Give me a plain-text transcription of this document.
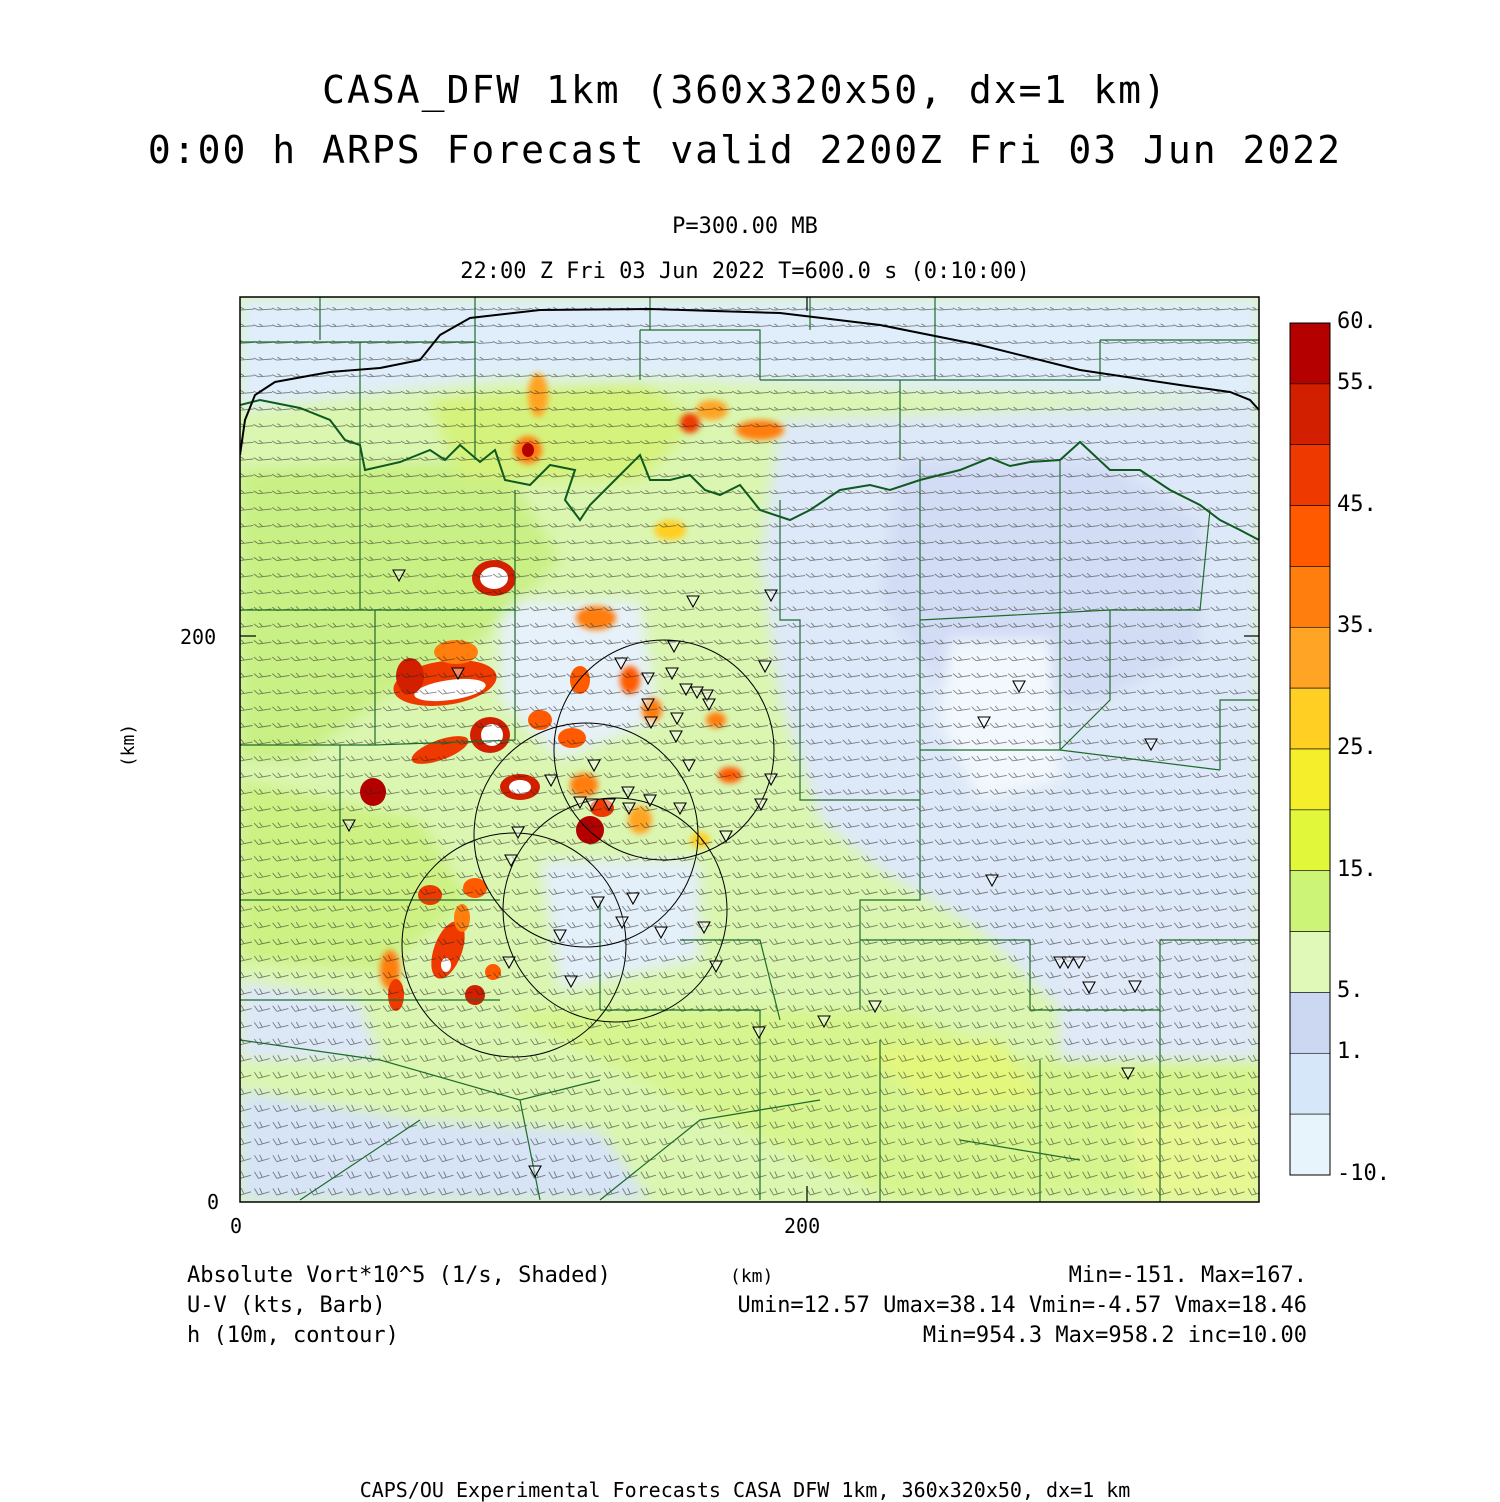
CASA_DFW 1km (360x320x50, dx=1 km)
0:00 h ARPS Forecast valid 2200Z Fri 03 Jun 2022
P=300.00 MB
22:00 Z Fri 03 Jun 2022 T=600.0 s (0:10:00)
0
200
0	200
(km)
(km)
60.
55.
45.
35.
25.
15.
5.
1.
-10.
Absolute Vort*10^5 (1/s, Shaded)
U-V (kts, Barb)
h (10m, contour)
Min=-151. Max=167.
Umin=12.57 Umax=38.14 Vmin=-4.57 Vmax=18.46
Min=954.3 Max=958.2 inc=10.00
CAPS/OU Experimental Forecasts CASA DFW 1km, 360x320x50, dx=1 km
